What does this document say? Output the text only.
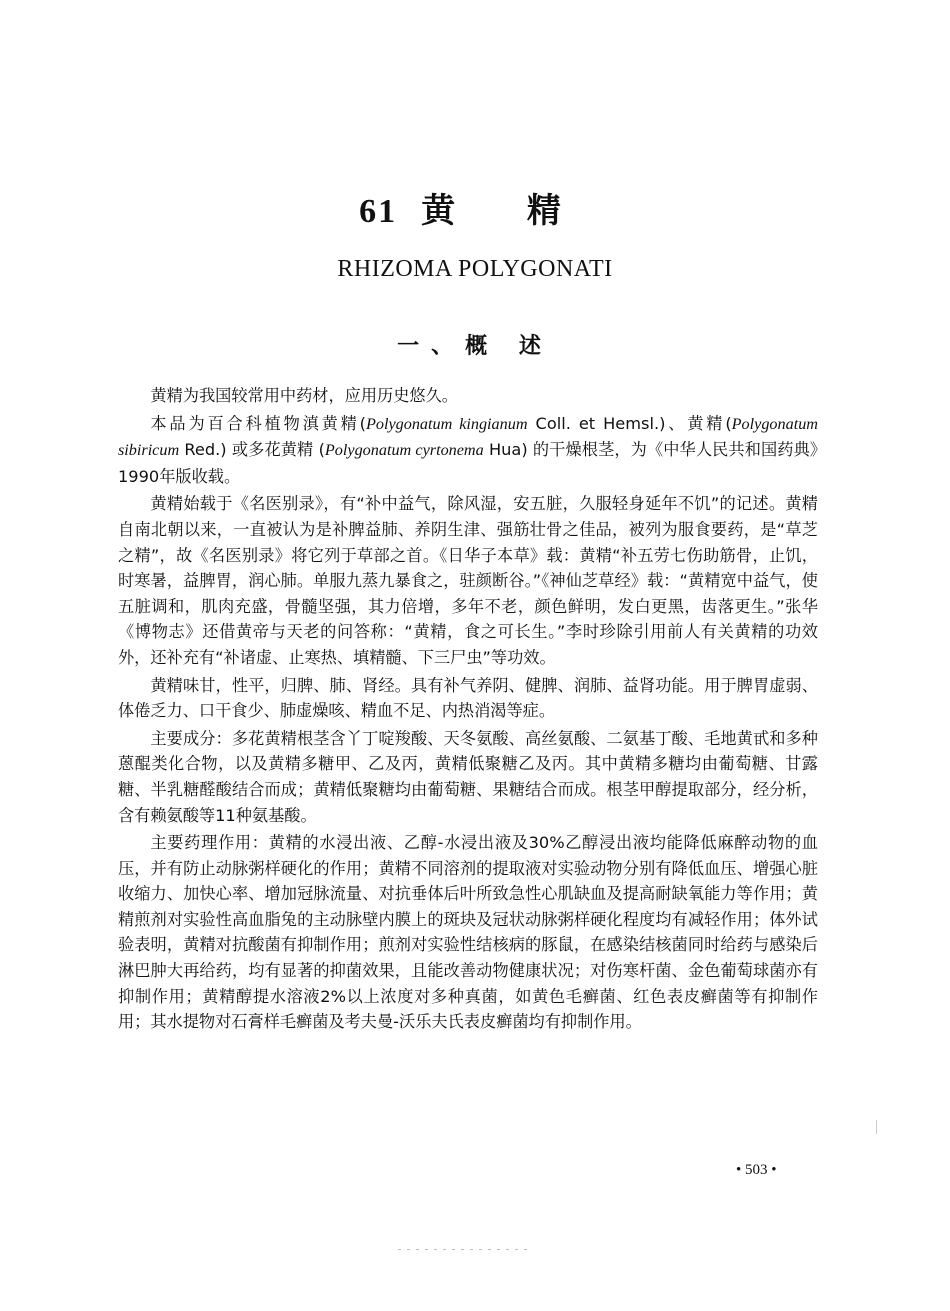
61 黄 精
RHIZOMA POLYGONATI
一、概 述

黄精为我国较常用中药材，应用历史悠久。

本品为百合科植物滇黄精(Polygonatum kingianum Coll. et Hemsl.)、黄精(Polygonatum sibiricum Red.) 或多花黄精 (Polygonatum cyrtonema Hua) 的干燥根茎，为《中华人民共和国药典》1990年版收载。

黄精始载于《名医别录》，有“补中益气，除风湿，安五脏，久服轻身延年不饥”的记述。黄精自南北朝以来，一直被认为是补脾益肺、养阴生津、强筋壮骨之佳品，被列为服食要药，是“草芝之精”，故《名医别录》将它列于草部之首。《日华子本草》载：黄精“补五劳七伤助筋骨，止饥，时寒暑，益脾胃，润心肺。单服九蒸九暴食之，驻颜断谷。”《神仙芝草经》载：“黄精宽中益气，使五脏调和，肌肉充盛，骨髓坚强，其力倍增，多年不老，颜色鲜明，发白更黑，齿落更生。”张华《博物志》还借黄帝与天老的问答称：“黄精，食之可长生。”李时珍除引用前人有关黄精的功效外，还补充有“补诸虚、止寒热、填精髓、下三尸虫”等功效。

黄精味甘，性平，归脾、肺、肾经。具有补气养阴、健脾、润肺、益肾功能。用于脾胃虚弱、体倦乏力、口干食少、肺虚燥咳、精血不足、内热消渴等症。

主要成分：多花黄精根茎含丫丁啶羧酸、天冬氨酸、高丝氨酸、二氨基丁酸、毛地黄甙和多种蒽醌类化合物，以及黄精多糖甲、乙及丙，黄精低聚糖乙及丙。其中黄精多糖均由葡萄糖、甘露糖、半乳糖醛酸结合而成；黄精低聚糖均由葡萄糖、果糖结合而成。根茎甲醇提取部分，经分析，含有赖氨酸等11种氨基酸。

主要药理作用：黄精的水浸出液、乙醇-水浸出液及30%乙醇浸出液均能降低麻醉动物的血压，并有防止动脉粥样硬化的作用；黄精不同溶剂的提取液对实验动物分别有降低血压、增强心脏收缩力、加快心率、增加冠脉流量、对抗垂体后叶所致急性心肌缺血及提高耐缺氧能力等作用；黄精煎剂对实验性高血脂兔的主动脉壁内膜上的斑块及冠状动脉粥样硬化程度均有减轻作用；体外试验表明，黄精对抗酸菌有抑制作用；煎剂对实验性结核病的豚鼠，在感染结核菌同时给药与感染后淋巴肿大再给药，均有显著的抑菌效果，且能改善动物健康状况；对伤寒杆菌、金色葡萄球菌亦有抑制作用；黄精醇提水溶液2%以上浓度对多种真菌，如黄色毛癣菌、红色表皮癣菌等有抑制作用；其水提物对石膏样毛癣菌及考夫曼-沃乐夫氏表皮癣菌均有抑制作用。

• 503 •
